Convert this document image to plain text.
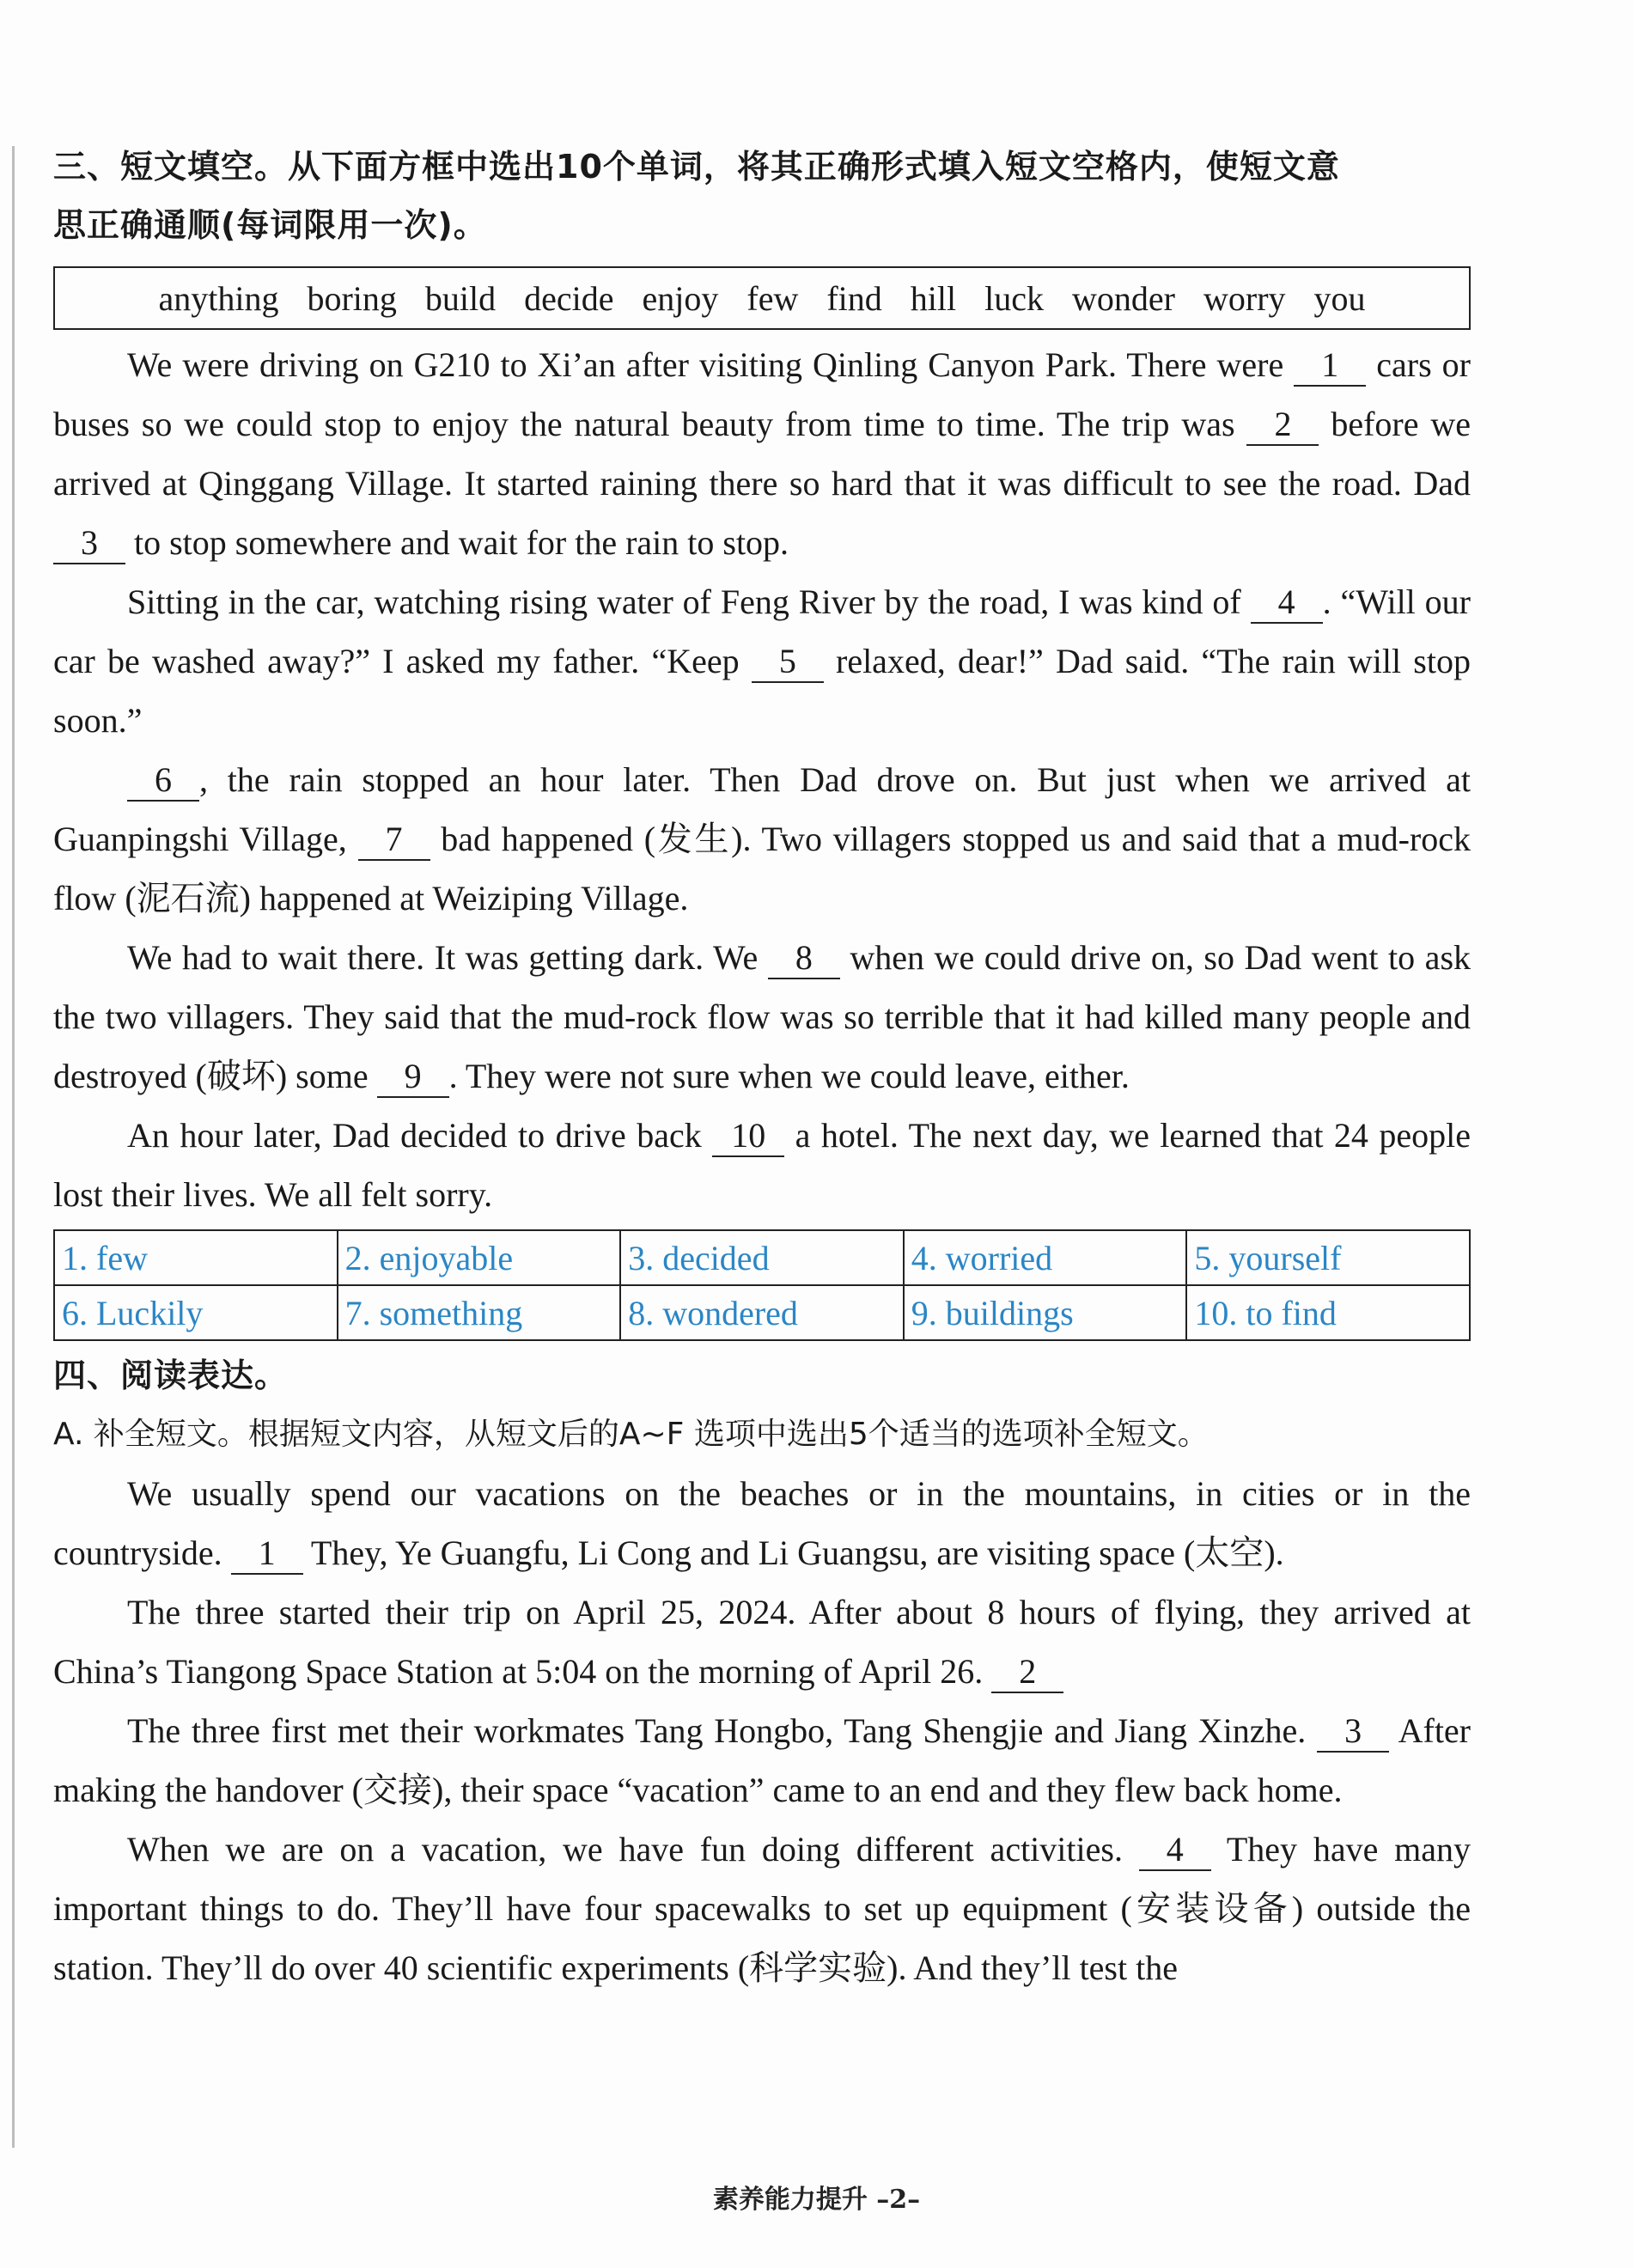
三、短文填空。从下面方框中选出10个单词，将其正确形式填入短文空格内，使短文意

思正确通顺(每词限用一次)。

anything boring build decide enjoy few find hill luck wonder worry you

We were driving on G210 to Xi’an after visiting Qinling Canyon Park. There were 1 cars or buses so we could stop to enjoy the natural beauty from time to time. The trip was 2 before we arrived at Qinggang Village. It started raining there so hard that it was difficult to see the road. Dad 3 to stop somewhere and wait for the rain to stop.

Sitting in the car, watching rising water of Feng River by the road, I was kind of 4 . “Will our car be washed away?” I asked my father. “Keep 5 relaxed, dear!” Dad said. “The rain will stop soon.”

6 , the rain stopped an hour later. Then Dad drove on. But just when we arrived at Guanpingshi Village, 7 bad happened (发生). Two villagers stopped us and said that a mud-rock flow (泥石流) happened at Weiziping Village.

We had to wait there. It was getting dark. We 8 when we could drive on, so Dad went to ask the two villagers. They said that the mud-rock flow was so terrible that it had killed many people and destroyed (破坏) some 9 . They were not sure when we could leave, either.

An hour later, Dad decided to drive back 10 a hotel. The next day, we learned that 24 people lost their lives. We all felt sorry.

1. few	2. enjoyable	3. decided	4. worried	5. yourself
6. Luckily	7. something	8. wondered	9. buildings	10. to find

四、阅读表达。

A. 补全短文。根据短文内容，从短文后的A~F 选项中选出5个适当的选项补全短文。

We usually spend our vacations on the beaches or in the mountains, in cities or in the countryside. 1 They, Ye Guangfu, Li Cong and Li Guangsu, are visiting space (太空).

The three started their trip on April 25, 2024. After about 8 hours of flying, they arrived at China’s Tiangong Space Station at 5:04 on the morning of April 26. 2

The three first met their workmates Tang Hongbo, Tang Shengjie and Jiang Xinzhe. 3 After making the handover (交接), their space “vacation” came to an end and they flew back home.

When we are on a vacation, we have fun doing different activities. 4 They have many important things to do. They’ll have four spacewalks to set up equipment (安装设备) outside the station. They’ll do over 40 scientific experiments (科学实验). And they’ll test the

素养能力提升 –2–
